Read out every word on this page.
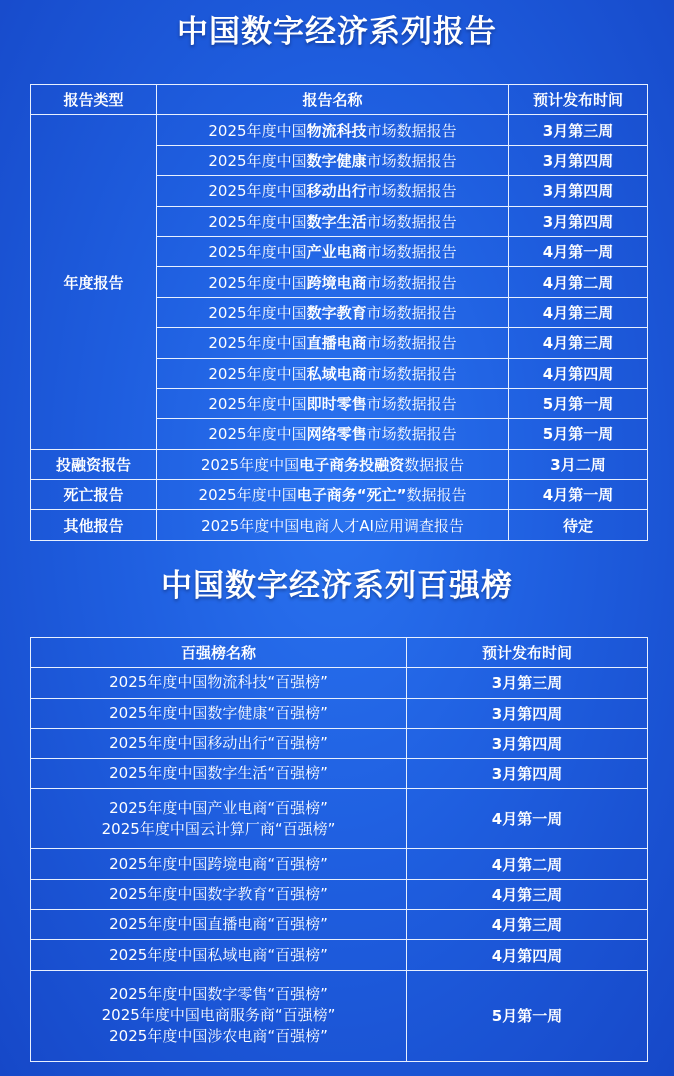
中国数字经济系列报告
报告类型	报告名称	预计发布时间
年度报告	2025年度中国物流科技市场数据报告	3月第三周
	2025年度中国数字健康市场数据报告	3月第四周
	2025年度中国移动出行市场数据报告	3月第四周
	2025年度中国数字生活市场数据报告	3月第四周
	2025年度中国产业电商市场数据报告	4月第一周
	2025年度中国跨境电商市场数据报告	4月第二周
	2025年度中国数字教育市场数据报告	4月第三周
	2025年度中国直播电商市场数据报告	4月第三周
	2025年度中国私域电商市场数据报告	4月第四周
	2025年度中国即时零售市场数据报告	5月第一周
	2025年度中国网络零售市场数据报告	5月第一周
投融资报告	2025年度中国电子商务投融资数据报告	3月二周
死亡报告	2025年度中国电子商务“死亡”数据报告	4月第一周
其他报告	2025年度中国电商人才AI应用调查报告	待定
中国数字经济系列百强榜
百强榜名称	预计发布时间

2025年度中国物流科技“百强榜”	3月第三周

2025年度中国数字健康“百强榜”	3月第四周

2025年度中国移动出行“百强榜”	3月第四周

2025年度中国数字生活“百强榜”	3月第四周

2025年度中国产业电商“百强榜”
2025年度中国云计算厂商“百强榜”	4月第一周

2025年度中国跨境电商“百强榜”	4月第二周

2025年度中国数字教育“百强榜”	4月第三周

2025年度中国直播电商“百强榜”	4月第三周

2025年度中国私域电商“百强榜”	4月第四周

2025年度中国数字零售“百强榜”
2025年度中国电商服务商“百强榜”
2025年度中国涉农电商“百强榜”	5月第一周
